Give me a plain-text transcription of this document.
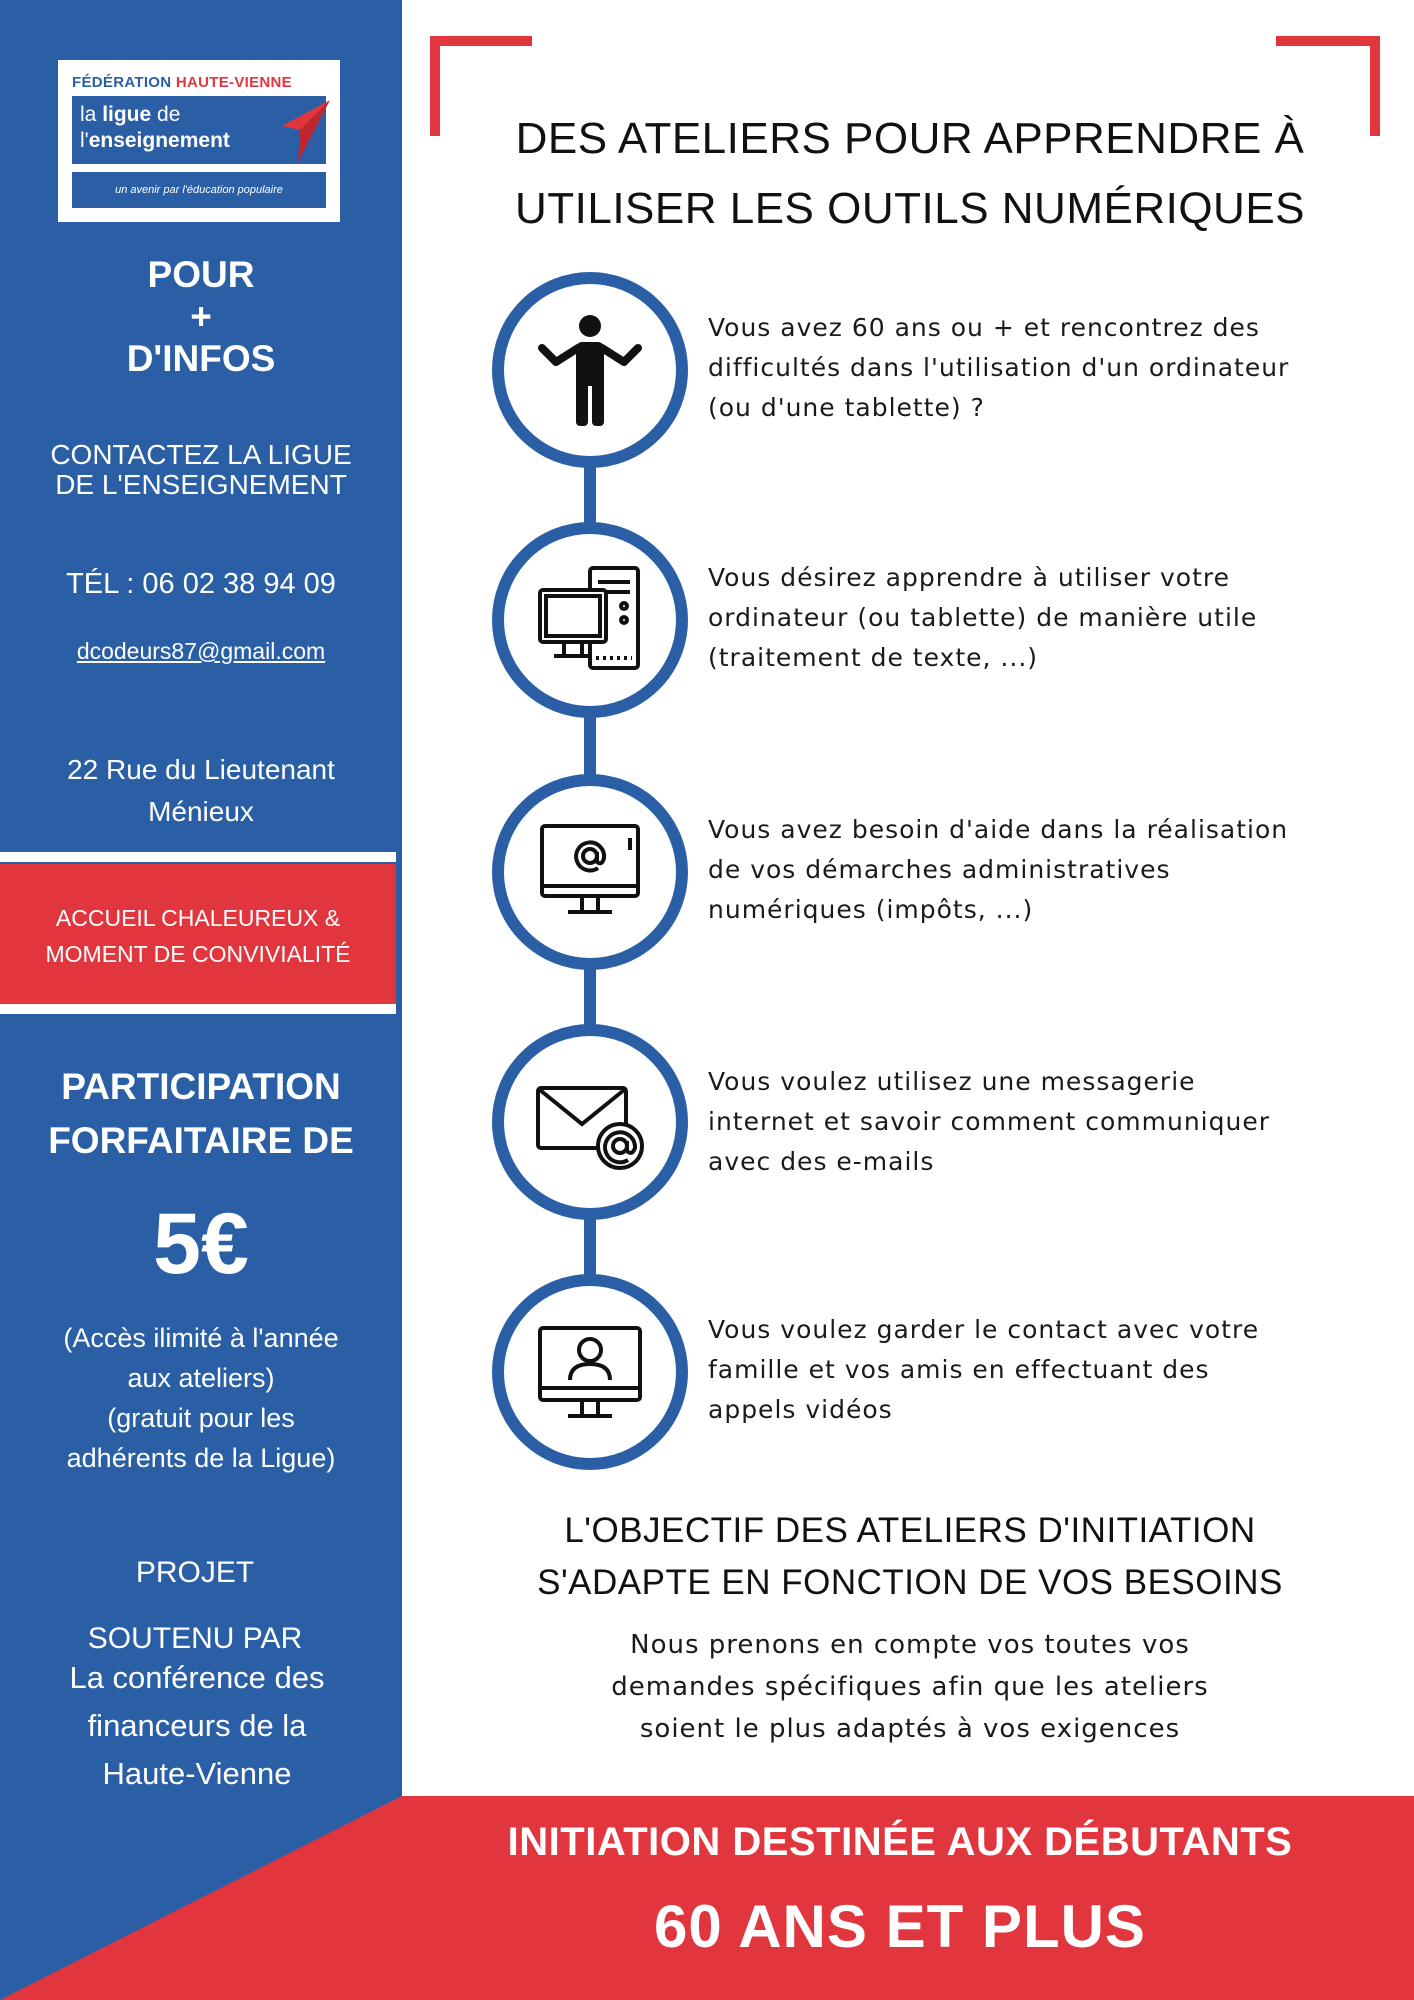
FÉDÉRATION HAUTE-VIENNE
la ligue de
l'enseignement
un avenir par l'éducation populaire
POUR
+
D'INFOS
CONTACTEZ LA LIGUE
DE L'ENSEIGNEMENT
TÉL : 06 02 38 94 09
dcodeurs87@gmail.com
22 Rue du Lieutenant
Ménieux
ACCUEIL CHALEUREUX &
MOMENT DE CONVIVIALITÉ
PARTICIPATION
FORFAITAIRE DE
5€
(Accès ilimité à l'année
aux ateliers)
(gratuit pour les
adhérents de la Ligue)
PROJET
SOUTENU PAR
La conférence des
financeurs de la
Haute-Vienne
DES ATELIERS POUR APPRENDRE À
UTILISER LES OUTILS NUMÉRIQUES
Vous avez 60 ans ou + et rencontrez des
difficultés dans l'utilisation d'un ordinateur
(ou d'une tablette) ?
Vous désirez apprendre à utiliser votre
ordinateur (ou tablette) de manière utile
(traitement de texte, ...)
Vous avez besoin d'aide dans la réalisation
de vos démarches administratives
numériques (impôts, ...)
Vous voulez utilisez une messagerie
internet et savoir comment communiquer
avec des e-mails
Vous voulez garder le contact avec votre
famille et vos amis en effectuant des
appels vidéos
L'OBJECTIF DES ATELIERS D'INITIATION
S'ADAPTE EN FONCTION DE VOS BESOINS
Nous prenons en compte vos toutes vos
demandes spécifiques afin que les ateliers
soient le plus adaptés à vos exigences
INITIATION DESTINÉE AUX DÉBUTANTS
60 ANS ET PLUS
